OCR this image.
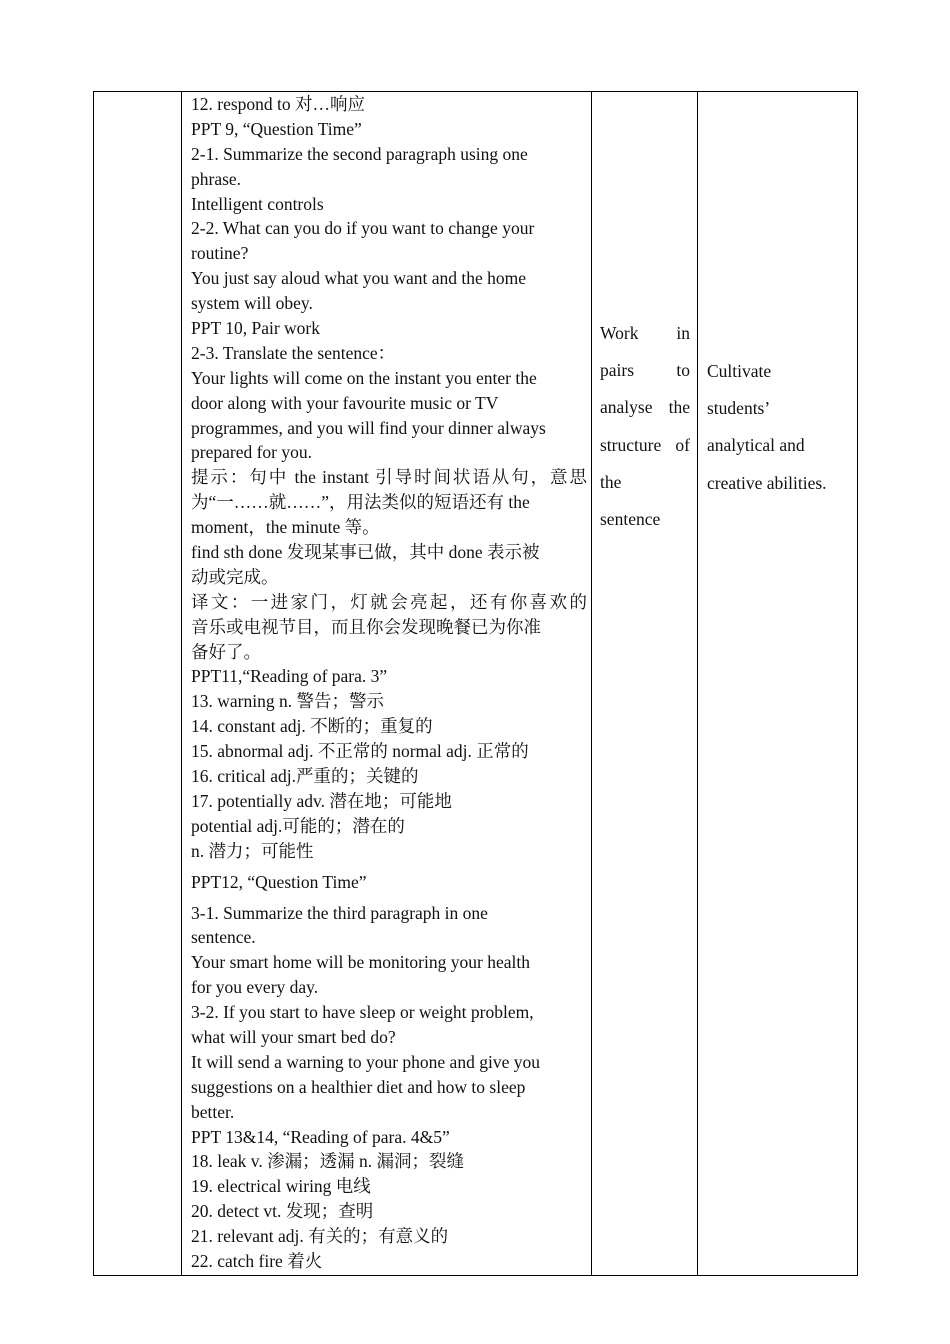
12. respond to 对…响应
PPT 9, “Question Time”
2-1. Summarize the second paragraph using one
phrase.
Intelligent controls
2-2. What can you do if you want to change your
routine?
You just say aloud what you want and the home
system will obey.
PPT 10, Pair work
2-3. Translate the sentence：
Your lights will come on the instant you enter the
door along with your favourite music or TV
programmes, and you will find your dinner always
prepared for you.
提示：句中 the instant 引导时间状语从句，意思
为“一……就……”，用法类似的短语还有 the
moment，the minute 等。
find sth done 发现某事已做，其中 done 表示被
动或完成。
译文：一进家门，灯就会亮起，还有你喜欢的
音乐或电视节目，而且你会发现晚餐已为你准
备好了。
PPT11,“Reading of para. 3”
13. warning n. 警告；警示
14. constant adj. 不断的；重复的
15. abnormal adj. 不正常的 normal adj. 正常的
16. critical adj.严重的；关键的
17. potentially adv. 潜在地；可能地
potential adj.可能的；潜在的
n. 潜力；可能性
PPT12, “Question Time”
3-1. Summarize the third paragraph in one
sentence.
Your smart home will be monitoring your health
for you every day.
3-2. If you start to have sleep or weight problem,
what will your smart bed do?
It will send a warning to your phone and give you
suggestions on a healthier diet and how to sleep
better.
PPT 13&14, “Reading of para. 4&5”
18. leak v. 渗漏；透漏 n. 漏洞；裂缝
19. electrical wiring 电线
20. detect vt. 发现；查明
21. relevant adj. 有关的；有意义的
22. catch fire 着火
Work in
pairs to
analyse the
structure of
the
sentence
Cultivate
students’
analytical and
creative abilities.
